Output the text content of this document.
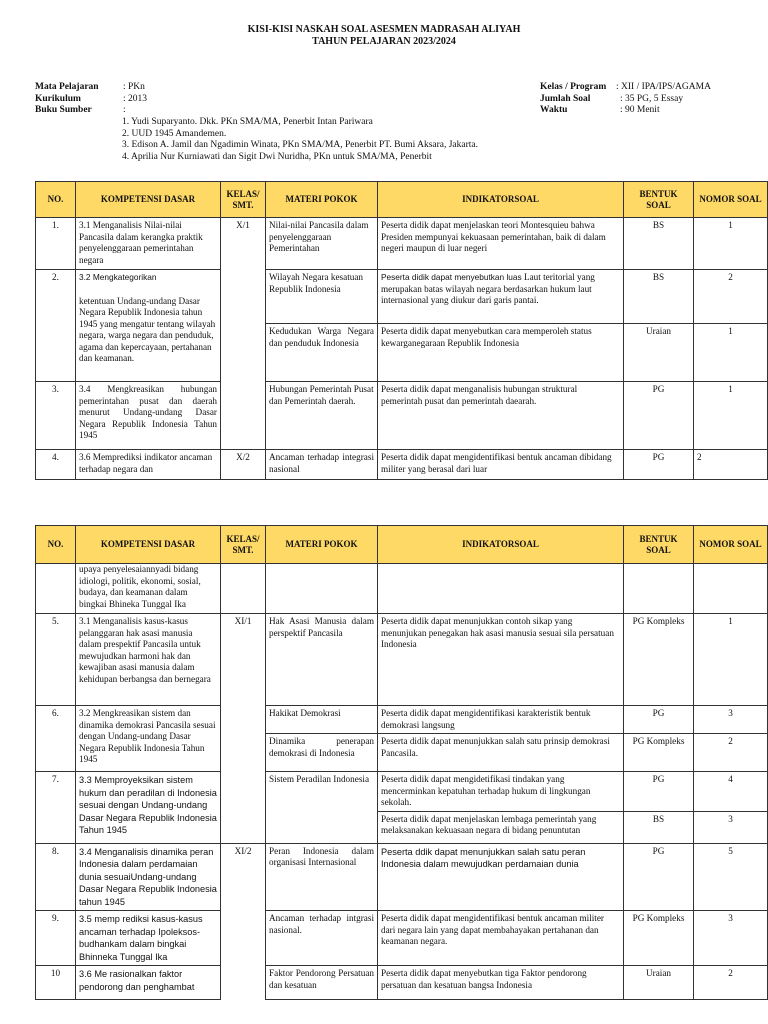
KISI-KISI NASKAH SOAL ASESMEN MADRASAH ALIYAH
TAHUN PELAJARAN 2023/2024
Mata Pelajaran	: PKn
Kurikulum	: 2013
Buku Sumber	:
1. Yudi Suparyanto. Dkk. PKn SMA/MA, Penerbit Intan Pariwara
2. UUD 1945 Amandemen.
3. Edison A. Jamil dan Ngadimin Winata, PKn SMA/MA, Penerbit PT. Bumi Aksara, Jakarta.
4. Aprilia Nur Kurniawati dan Sigit Dwi Nuridha, PKn untuk SMA/MA, Penerbit
Kelas / Program : XII / IPA/IPS/AGAMA
Jumlah Soal	: 35 PG, 5 Essay
Waktu	: 90 Menit
NO.	KOMPETENSI DASAR	KELAS/ SMT.	MATERI POKOK	INDIKATORSOAL	BENTUK SOAL	NOMOR SOAL
1.	3.1 Menganalisis Nilai-nilai Pancasila dalam kerangka praktik penyelenggaraan pemerintahan negara	X/1	Nilai-nilai Pancasila dalam penyelenggaraan Pemerintahan	Peserta didik dapat menjelaskan teori Montesquieu bahwa Presiden mempunyai kekuasaan pemerintahan, baik di dalam negeri maupun di luar negeri	BS	1
2.	3.2 Mengkategorikan
ketentuan Undang-undang Dasar Negara Republik Indonesia tahun 1945 yang mengatur tentang wilayah negara, warga negara dan penduduk, agama dan kepercayaan, pertahanan dan keamanan.		Wilayah Negara kesatuan Republik Indonesia	Peserta didik dapat menyebutkan luas Laut teritorial yang merupakan batas wilayah negara berdasarkan hukum laut internasional yang diukur dari garis pantai.	BS	2
			Kedudukan Warga Negara dan penduduk Indonesia	Peserta didik dapat menyebutkan cara memperoleh status kewarganegaraan Republik Indonesia	Uraian	1
3.	3.4 Mengkreasikan hubungan pemerintahan pusat dan daerah menurut Undang-undang Dasar Negara Republik Indonesia Tahun 1945		Hubungan Pemerintah Pusat dan Pemerintah daerah.	Peserta didik dapat menganalisis hubungan struktural pemerintah pusat dan pemerintah daearah.	PG	1
4.	3.6 Memprediksi indikator ancaman terhadap negara dan	X/2	Ancaman terhadap integrasi nasional	Peserta didik dapat mengidentifikasi bentuk ancaman dibidang militer yang berasal dari luar	PG	2
NO.	KOMPETENSI DASAR	KELAS/ SMT.	MATERI POKOK	INDIKATORSOAL	BENTUK SOAL	NOMOR SOAL
	upaya penyelesaiannyadi bidang idiologi, politik, ekonomi, sosial, budaya, dan keamanan dalam bingkai Bhineka Tunggal Ika					
5.	3.1 Menganalisis kasus-kasus pelanggaran hak asasi manusia dalam prespektif Pancasila untuk mewujudkan harmoni hak dan kewajiban asasi manusia dalam kehidupan berbangsa dan bernegara	XI/1	Hak Asasi Manusia dalam perspektif Pancasila	Peserta didik dapat menunjukkan contoh sikap yang menunjukan penegakan hak asasi manusia sesuai sila persatuan Indonesia	PG Kompleks	1
6.	3.2 Mengkreasikan sistem dan dinamika demokrasi Pancasila sesuai dengan Undang-undang Dasar Negara Republik Indonesia Tahun 1945		Hakikat Demokrasi	Peserta didik dapat mengidentifikasi karakteristik bentuk demokrasi langsung	PG	3
			Dinamika penerapan demokrasi di Indonesia	Peserta didik dapat menunjukkan salah satu prinsip demokrasi Pancasila.	PG Kompleks	2
7.	3.3 Memproyeksikan sistem hukum dan peradilan di Indonesia sesuai dengan Undang-undang Dasar Negara Republik Indonesia Tahun 1945		Sistem Peradilan Indonesia	Peserta didik dapat mengidetifikasi tindakan yang mencerminkan kepatuhan terhadap hukum di lingkungan sekolah.	PG	4
				Peserta didik dapat menjelaskan lembaga pemerintah yang melaksanakan kekuasaan negara di bidang penuntutan	BS	3
8.	3.4 Menganalisis dinamika peran Indonesia dalam perdamaian dunia sesuaiUndang-undang Dasar Negara Republik Indonesia tahun 1945	XI/2	Peran Indonesia dalam organisasi Internasional	Peserta ddik dapat menunjukkan salah satu peran Indonesia dalam mewujudkan perdamaian dunia	PG	5
9.	3.5 memp rediksi kasus-kasus ancaman terhadap Ipoleksos-budhankam dalam bingkai Bhinneka Tunggal Ika		Ancaman terhadap intgrasi nasional.	Peserta didik dapat mengidentifikasi bentuk ancaman militer dari negara lain yang dapat membahayakan pertahanan dan keamanan negara.	PG Kompleks	3
10	3.6 Me rasionalkan faktor pendorong dan penghambat		Faktor Pendorong Persatuan dan kesatuan	Peserta didik dapat menyebutkan tiga Faktor pendorong persatuan dan kesatuan bangsa Indonesia	Uraian	2
